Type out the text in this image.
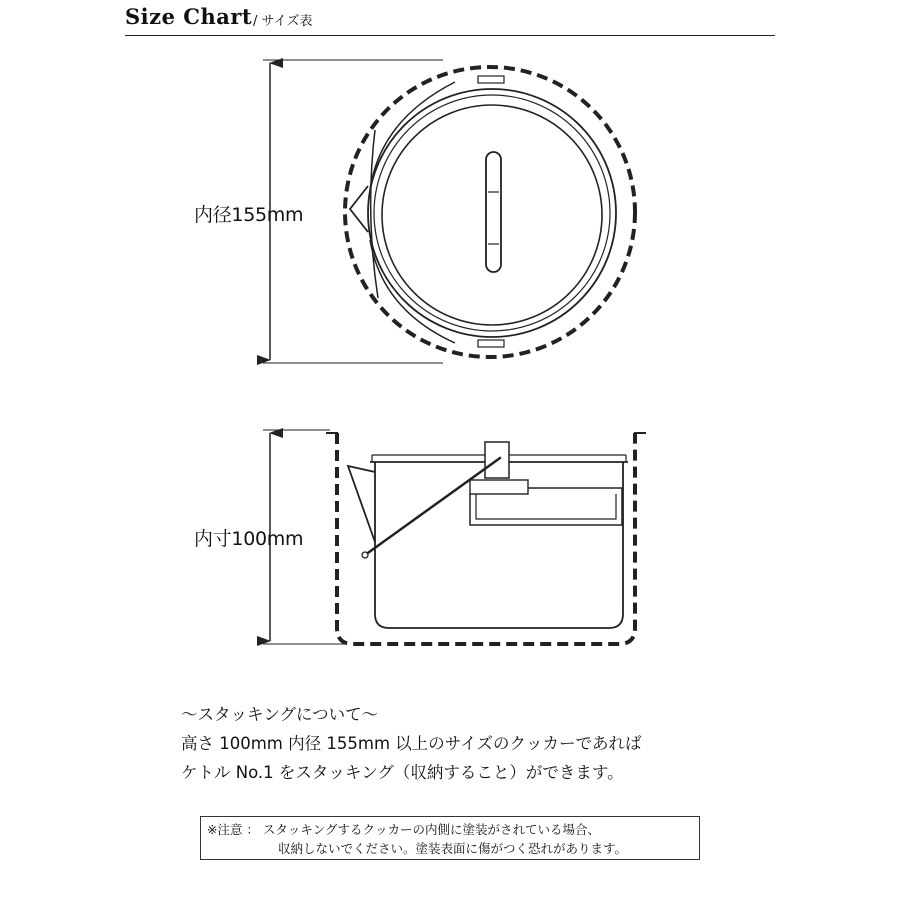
Size Chart / サイズ表
内径155mm
内寸100mm
～スタッキングについて～
高さ 100mm 内径 155mm 以上のサイズのクッカーであれば
ケトル No.1 をスタッキング（収納すること）ができます。
※注意 ： スタッキングするクッカーの内側に塗装がされている場合、
収納しないでください。塗装表面に傷がつく恐れがあります。
